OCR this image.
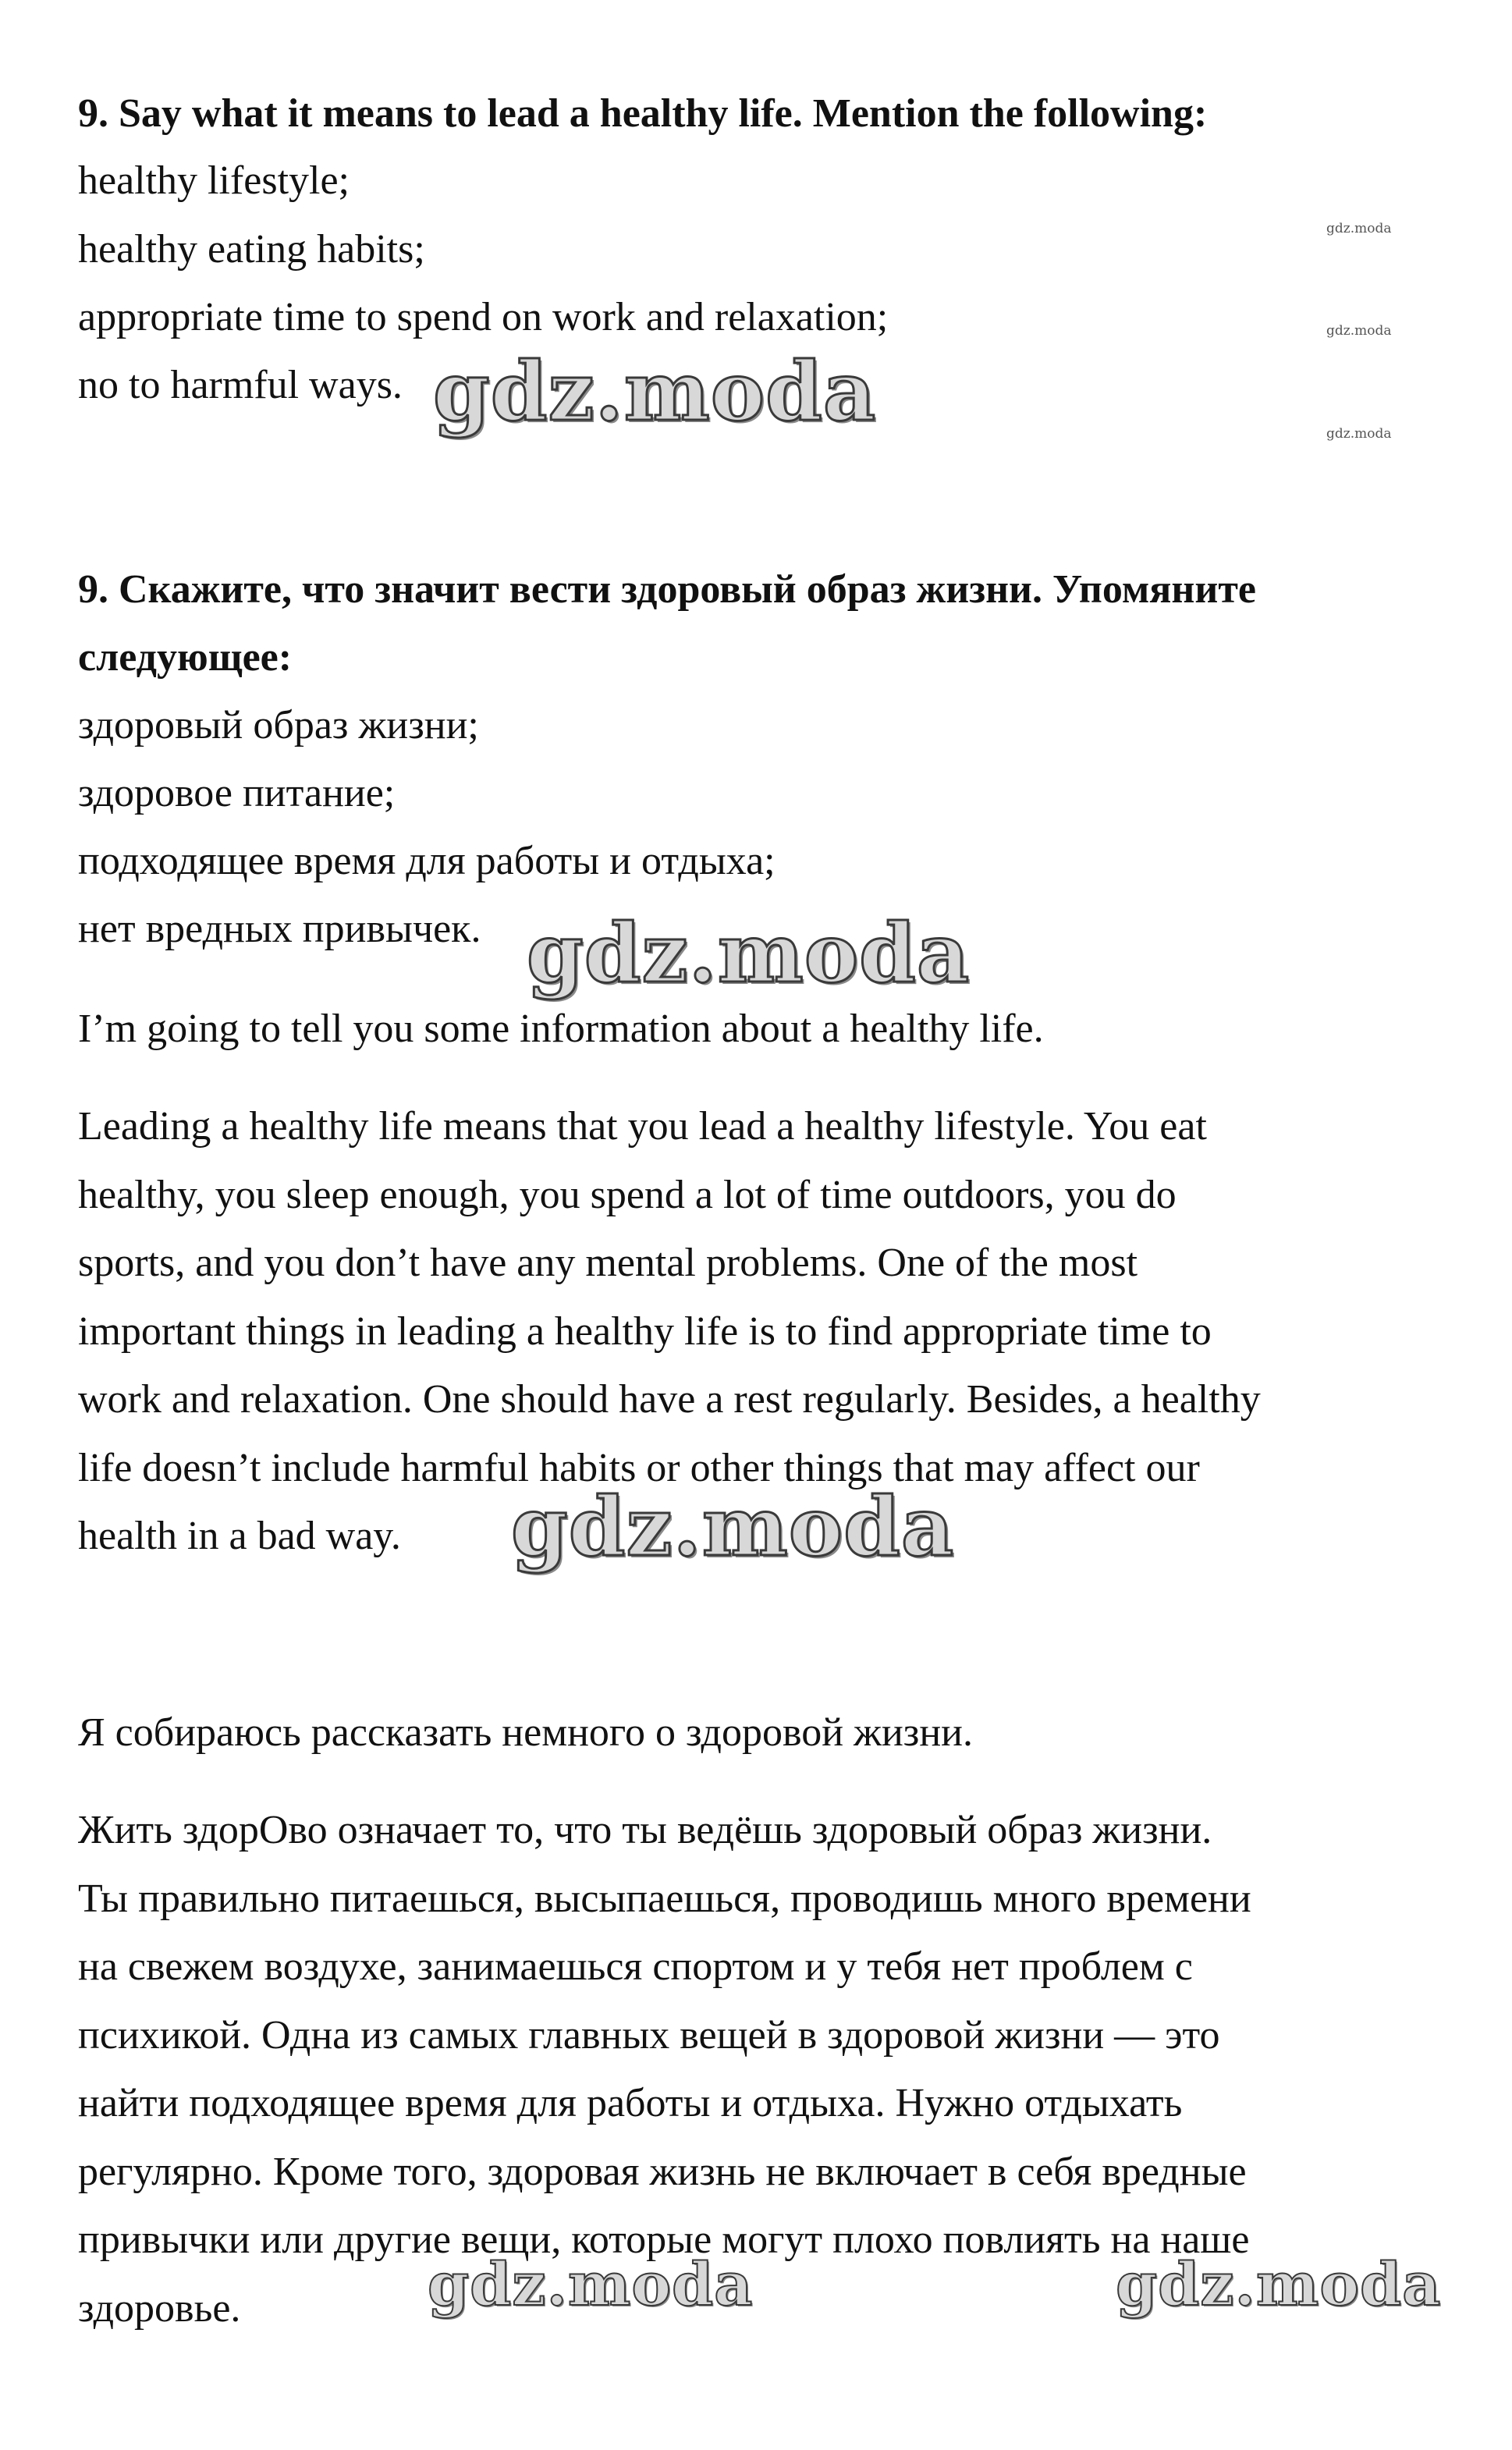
9. Say what it means to lead a healthy life. Mention the following:
healthy lifestyle;
healthy eating habits;
appropriate time to spend on work and relaxation;
no to harmful ways.
9. Скажите, что значит вести здоровый образ жизни. Упомяните
следующее:
здоровый образ жизни;
здоровое питание;
подходящее время для работы и отдыха;
нет вредных привычек.
I’m going to tell you some information about a healthy life.
Leading a healthy life means that you lead a healthy lifestyle. You eat
healthy, you sleep enough, you spend a lot of time outdoors, you do
sports, and you don’t have any mental problems. One of the most
important things in leading a healthy life is to find appropriate time to
work and relaxation. One should have a rest regularly. Besides, a healthy
life doesn’t include harmful habits or other things that may affect our
health in a bad way.
Я собираюсь рассказать немного о здоровой жизни.
Жить здорОво означает то, что ты ведёшь здоровый образ жизни.
Ты правильно питаешься, высыпаешься, проводишь много времени
на свежем воздухе, занимаешься спортом и у тебя нет проблем с
психикой. Одна из самых главных вещей в здоровой жизни — это
найти подходящее время для работы и отдыха. Нужно отдыхать
регулярно. Кроме того, здоровая жизнь не включает в себя вредные
привычки или другие вещи, которые могут плохо повлиять на наше
здоровье.
gdz.moda
gdz.moda
gdz.moda
gdz.moda
gdz.moda
gdz.moda
gdz.moda	gdz.moda
